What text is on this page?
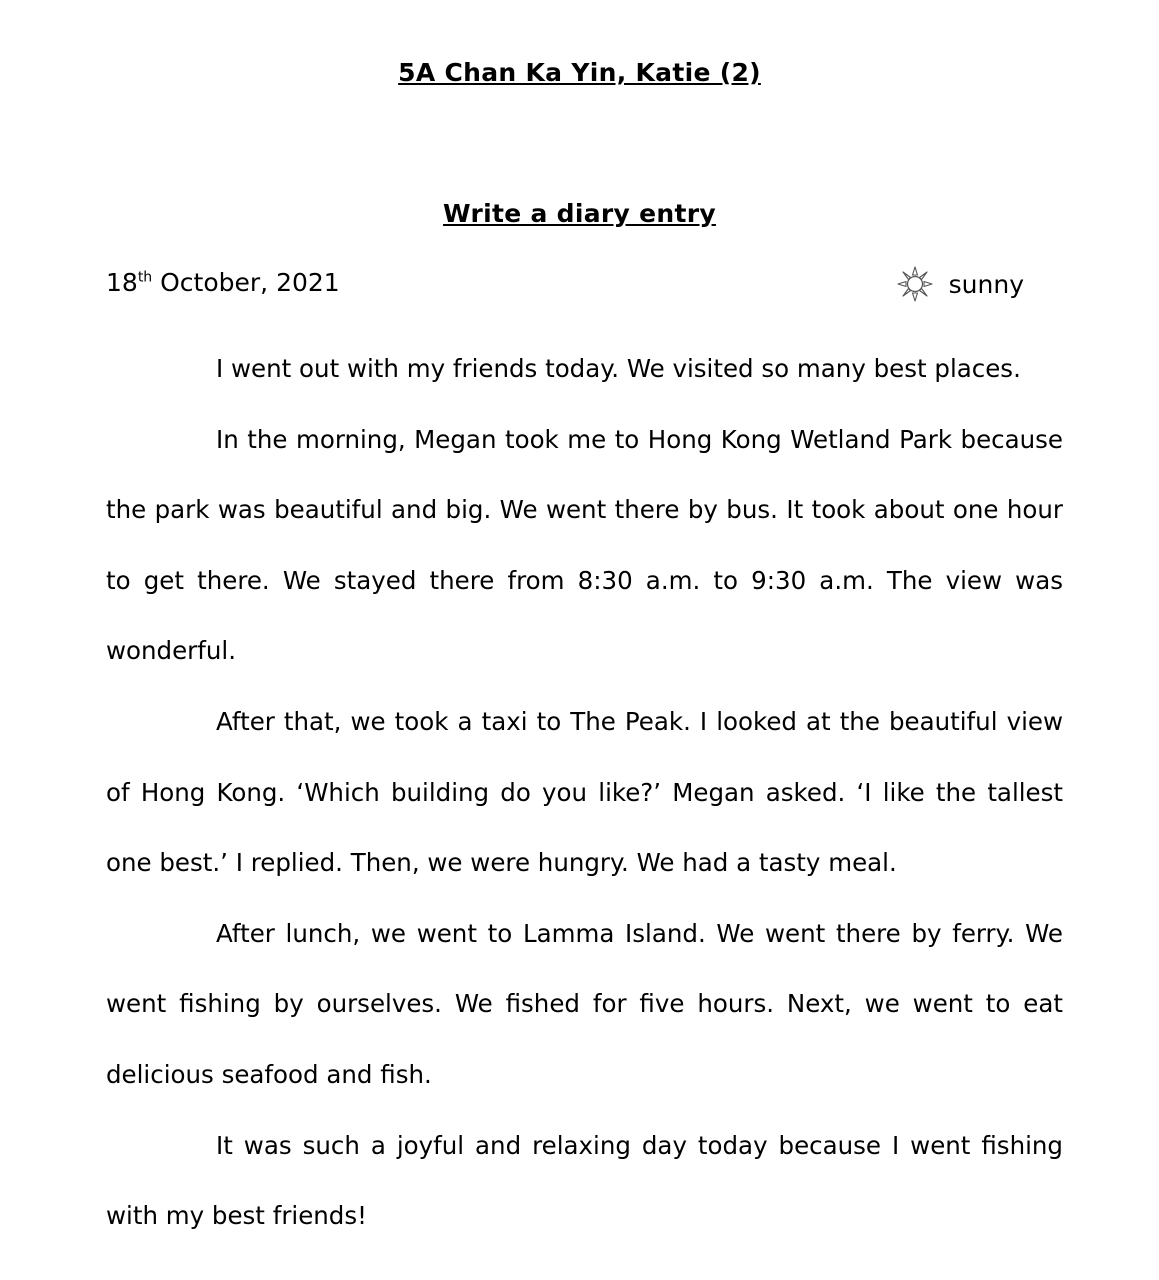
5A Chan Ka Yin, Katie (2)
Write a diary entry
18th October, 2021	sunny

I went out with my friends today. We visited so many best places.

In the morning, Megan took me to Hong Kong Wetland Park because the park was beautiful and big. We went there by bus. It took about one hour to get there. We stayed there from 8:30 a.m. to 9:30 a.m. The view was wonderful.

After that, we took a taxi to The Peak. I looked at the beautiful view of Hong Kong. ‘Which building do you like?’ Megan asked. ‘I like the tallest one best.’ I replied. Then, we were hungry. We had a tasty meal.

After lunch, we went to Lamma Island. We went there by ferry. We went fishing by ourselves. We fished for five hours. Next, we went to eat delicious seafood and fish.

It was such a joyful and relaxing day today because I went fishing with my best friends!
